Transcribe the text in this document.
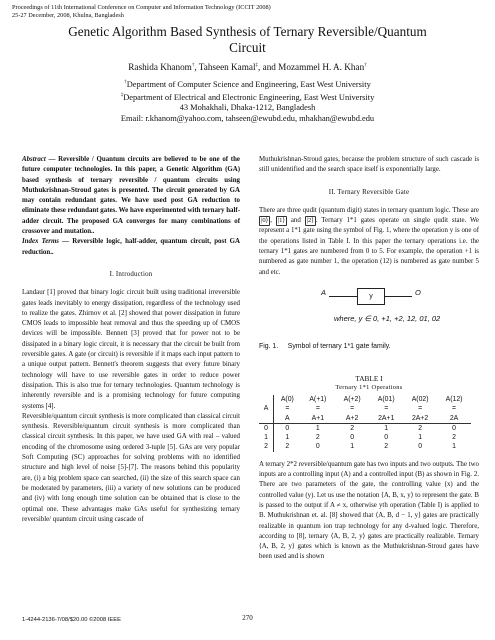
Proceedings of 11th International Conference on Computer and Information Technology (ICCIT 2008)
25-27 December, 2008, Khulna, Bangladesh
Genetic Algorithm Based Synthesis of Ternary Reversible/Quantum
Circuit
Rashida Khanom†, Tahseen Kamal‡, and Mozammel H. A. Khan†
†Department of Computer Science and Engineering, East West University
‡Department of Electrical and Electronic Engineering, East West University
43 Mohakhali, Dhaka-1212, Bangladesh
Email: r.khanom@yahoo.com, tahseen@ewubd.edu, mhakhan@ewubd.edu

Abstract — Reversible / Quantum circuits are believed to be one of the future computer technologies. In this paper, a Genetic Algorithm (GA) based synthesis of ternary reversible / quantum circuits using Muthukrishnan-Stroud gates is presented. The circuit generated by GA may contain redundant gates. We have used post GA reduction to eliminate these redundant gates. We have experimented with ternary half-adder circuit. The proposed GA converges for many combinations of crossover and mutation..

Index Terms — Reversible logic, half-adder, quantum circuit, post GA reduction..

I. Introduction

Landaur [1] proved that binary logic circuit built using traditional irreversible gates leads inevitably to energy dissipation, regardless of the technology used to realize the gates. Zhirnov et al. [2] showed that power dissipation in future CMOS leads to impossible heat removal and thus the speeding up of CMOS devices will be impossible. Bennett [3] proved that for power not to be dissipated in a binary logic circuit, it is necessary that the circuit be built from reversible gates. A gate (or circuit) is reversible if it maps each input pattern to a unique output pattern. Bennett's theorem suggests that every future binary technology will have to use reversible gates in order to reduce power dissipation. This is also true for ternary technologies. Quantum technology is inherently reversible and is a promising technology for future computing systems [4].

Reversible/quantum circuit synthesis is more complicated than classical circuit synthesis. Reversible/quantum circuit synthesis is more complicated than classical circuit synthesis. In this paper, we have used GA with real – valued encoding of the chromosome using ordered 3-tuple [5]. GAs are very popular Soft Computing (SC) approaches for solving problems with no identified structure and high level of noise [5]-[7]. The reasons behind this popularity are, (i) a big problem space can searched, (ii) the size of this search space can be moderated by parameters, (iii) a variety of new solutions can be produced and (iv) with long enough time solution can be obtained that is close to the optimal one. These advantages make GAs useful for synthesizing ternary reversible/ quantum circuit using cascade of

Muthukrishnan-Stroud gates, because the problem structure of such cascade is still unidentified and the search space itself is exponentially large.

II. Ternary Reversible Gate

There are three qudit (quantum digit) states in ternary quantum logic. These are |0⟩ , |1⟩ and |2⟩ . Ternary 1*1 gates operate on single qudit state. We represent a 1*1 gate using the symbol of Fig. 1, where the operation y is one of the operations listed in Table I. In this paper the ternary operations i.e. the ternary 1*1 gates are numbered from 0 to 5. For example, the operation +1 is numbered as gate number 1, the operation (12) is numbered as gate number 5 and etc.

A	y	O
where, y ∈ 0, +1, +2, 12, 01, 02
Fig. 1. Symbol of ternary 1*1 gate family.

TABLE I

Ternary 1*1 Operations

A	A(0)	A(+1)	A(+2)	A(01)	A(02)	A(12)
	=	=	=	=	=	=
	A	A+1	A+2	2A+1	2A+2	2A
0	0	1	2	1	2	0
1	1	2	0	0	1	2
2	2	0	1	2	0	1

A ternary 2*2 reversible/quantum gate has two inputs and two outputs. The two inputs are a controlling input (A) and a controlled input (B) as shown in Fig. 2. There are two parameters of the gate, the controlling value (x) and the controlled value (y). Let us use the notation ⟨A, B, x, y⟩ to represent the gate. B is passed to the output if A ≠ x, otherwise yth operation (Table I) is applied to B. Muthukrishnan et. al. [8] showed that ⟨A, B, d − 1, y⟩ gates are practically realizable in quantum ion trap technology for any d-valued logic. Therefore, according to [8], ternary ⟨A, B, 2, y⟩ gates are practically realizable. Ternary ⟨A, B, 2, y⟩ gates which is known as the Muthukrishnan-Stroud gates have been used and is shown

1-4244-2136-7/08/$20.00 ©2008 IEEE	270
